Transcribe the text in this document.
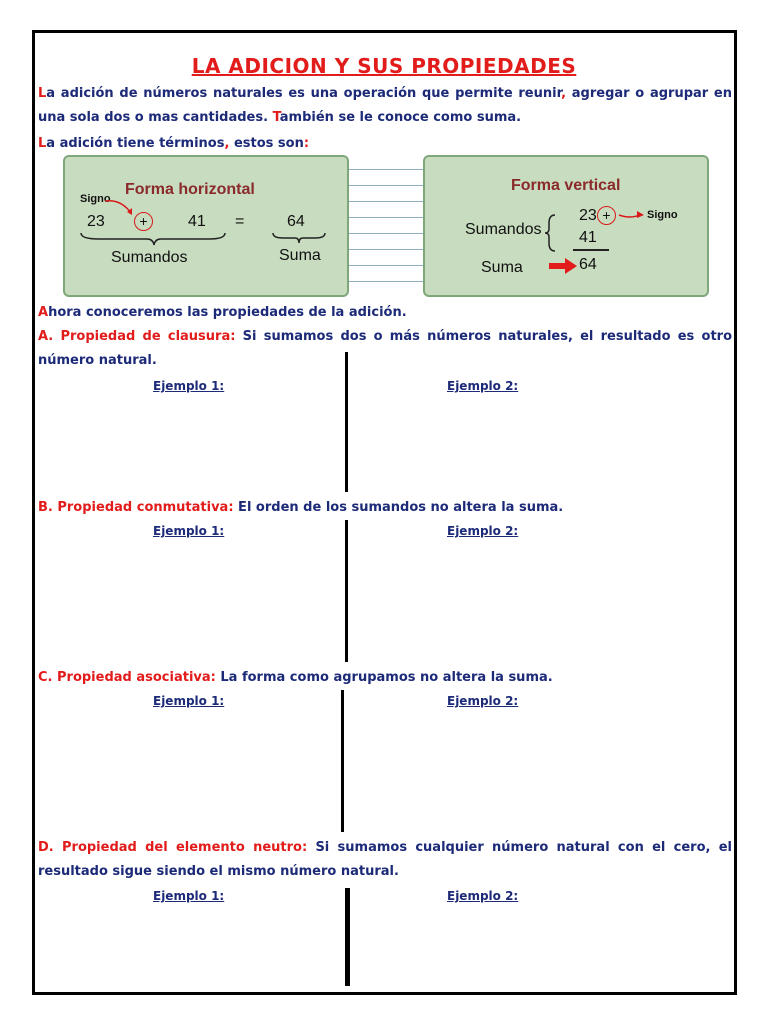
LA ADICION Y SUS PROPIEDADES
La adición de números naturales es una operación que permite reunir, agregar o agrupar en una sola dos o mas cantidades. También se le conoce como suma.
La adición tiene términos, estos son:
Forma horizontal
Signo
23	+	41 =	64
Sumandos	Suma
Forma vertical
23 +	Signo
Sumandos 41
Suma	64
Ahora conoceremos las propiedades de la adición.
A. Propiedad de clausura: Si sumamos dos o más números naturales, el resultado es otro número natural.
Ejemplo 1:	Ejemplo 2:
B. Propiedad conmutativa: El orden de los sumandos no altera la suma.
Ejemplo 1:	Ejemplo 2:
C. Propiedad asociativa: La forma como agrupamos no altera la suma.
Ejemplo 1:	Ejemplo 2:
D. Propiedad del elemento neutro: Si sumamos cualquier número natural con el cero, el resultado sigue siendo el mismo número natural.
Ejemplo 1:	Ejemplo 2:
